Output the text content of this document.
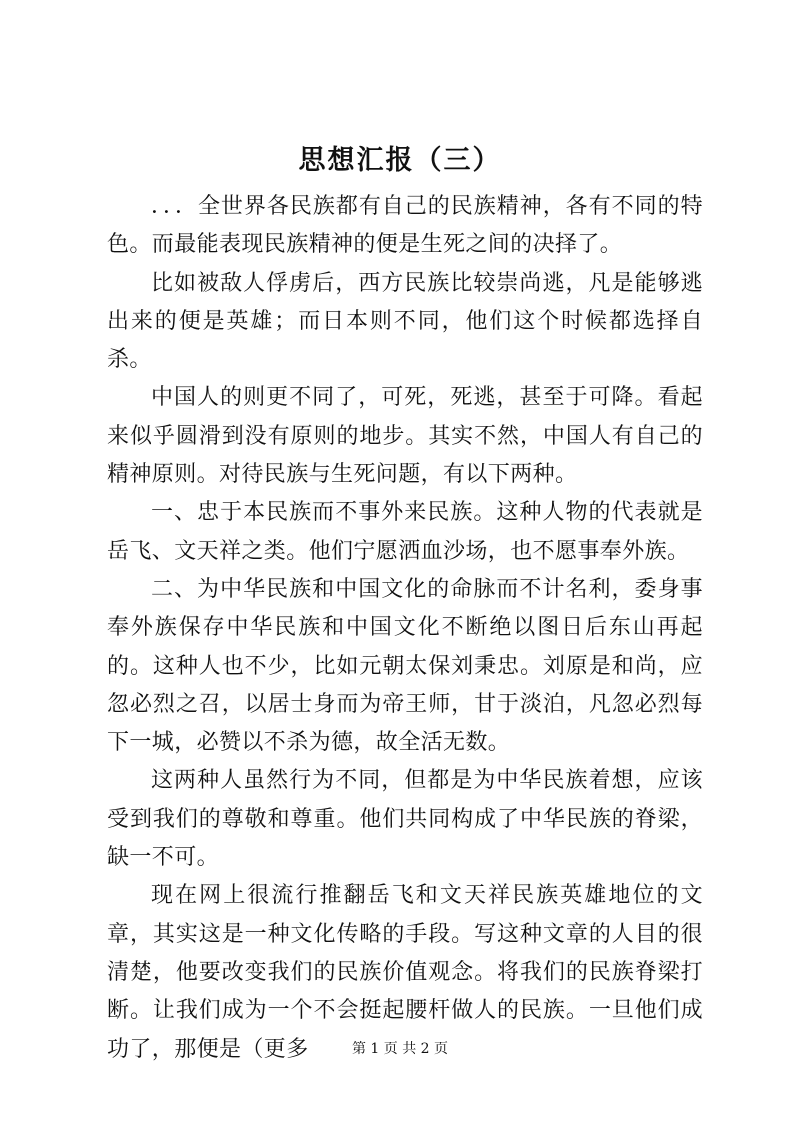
思想汇报（三）

．．．全世界各民族都有自己的民族精神，各有不同的特色。而最能表现民族精神的便是生死之间的决择了。

比如被敌人俘虏后，西方民族比较崇尚逃，凡是能够逃出来的便是英雄；而日本则不同，他们这个时候都选择自杀。

中国人的则更不同了，可死，死逃，甚至于可降。看起来似乎圆滑到没有原则的地步。其实不然，中国人有自己的精神原则。对待民族与生死问题，有以下两种。

一、忠于本民族而不事外来民族。这种人物的代表就是岳飞、文天祥之类。他们宁愿洒血沙场，也不愿事奉外族。

二、为中华民族和中国文化的命脉而不计名利，委身事奉外族保存中华民族和中国文化不断绝以图日后东山再起的。这种人也不少，比如元朝太保刘秉忠。刘原是和尚，应忽必烈之召，以居士身而为帝王师，甘于淡泊，凡忽必烈每下一城，必赞以不杀为德，故全活无数。

这两种人虽然行为不同，但都是为中华民族着想，应该受到我们的尊敬和尊重。他们共同构成了中华民族的脊梁，缺一不可。

现在网上很流行推翻岳飞和文天祥民族英雄地位的文章，其实这是一种文化传略的手段。写这种文章的人目的很清楚，他要改变我们的民族价值观念。将我们的民族脊梁打断。让我们成为一个不会挺起腰杆做人的民族。一旦他们成功了，那便是（更多	第 1 页 共 2 页
